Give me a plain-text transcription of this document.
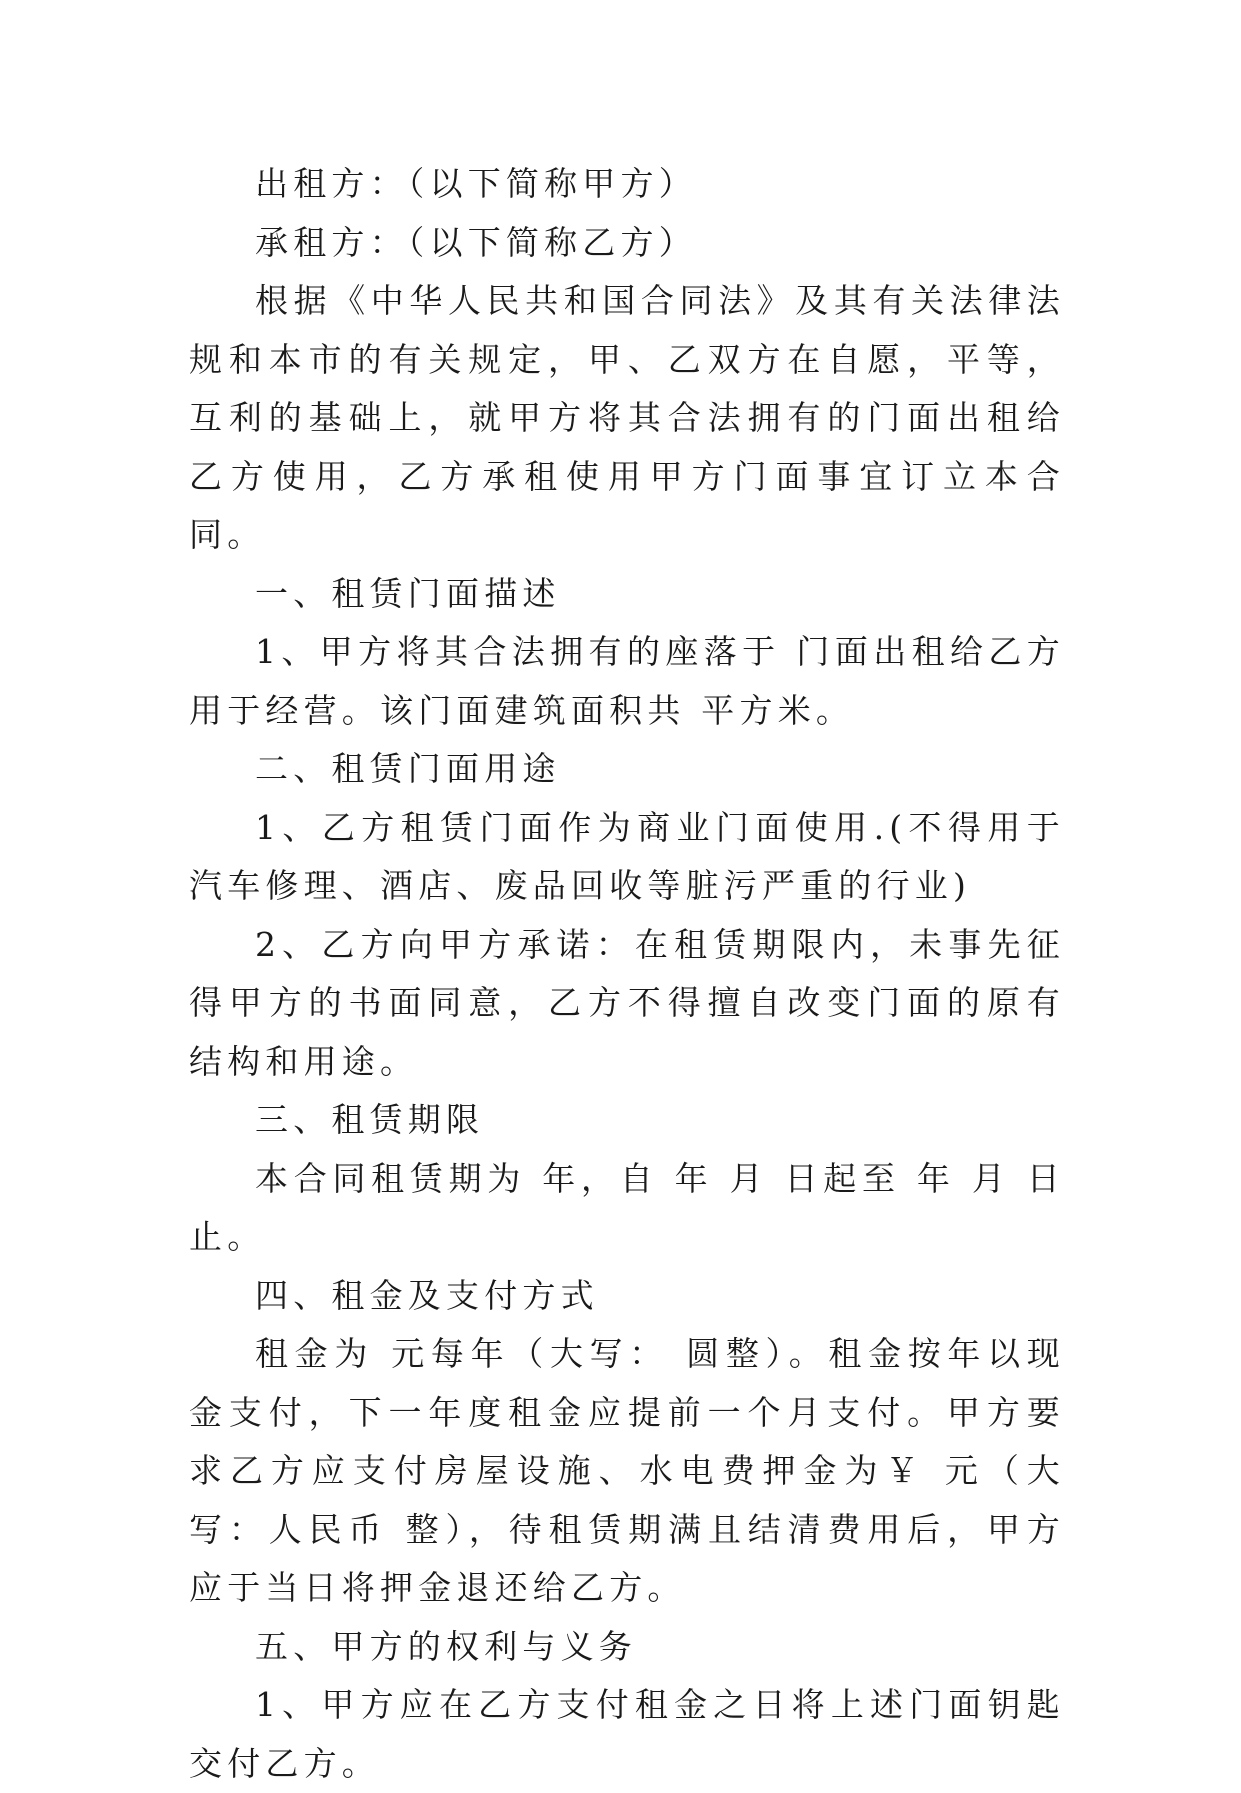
出租方：（以下简称甲方）

承租方：（以下简称乙方）

根据《中华人民共和国合同法》及其有关法律法规和本市的有关规定，甲、乙双方在自愿，平等，互利的基础上，就甲方将其合法拥有的门面出租给乙方使用，乙方承租使用甲方门面事宜订立本合同。

一、租赁门面描述

1、甲方将其合法拥有的座落于 门面出租给乙方用于经营。该门面建筑面积共 平方米。

二、租赁门面用途

1、乙方租赁门面作为商业门面使用.(不得用于汽车修理、酒店、废品回收等脏污严重的行业)

2、乙方向甲方承诺：在租赁期限内，未事先征得甲方的书面同意，乙方不得擅自改变门面的原有结构和用途。

三、租赁期限

本合同租赁期为 年，自 年 月 日起至 年 月 日止。

四、租金及支付方式

租金为 元每年（大写： 圆整）。租金按年以现金支付，下一年度租金应提前一个月支付。甲方要求乙方应支付房屋设施、水电费押金为￥ 元（大写：人民币 整），待租赁期满且结清费用后，甲方应于当日将押金退还给乙方。

五、甲方的权利与义务

1、甲方应在乙方支付租金之日将上述门面钥匙交付乙方。
